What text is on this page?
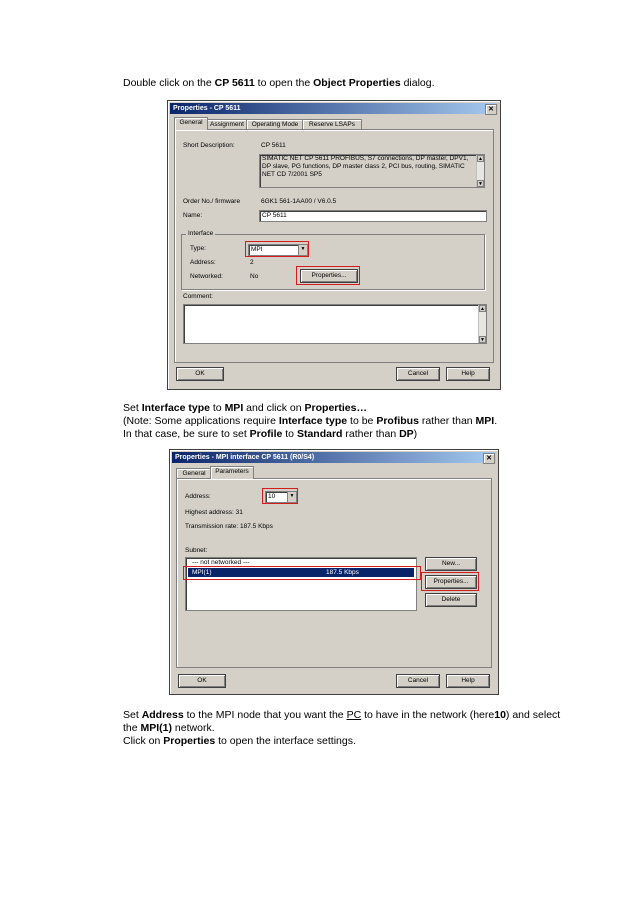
Double click on the CP 5611 to open the Object Properties dialog.
Properties - CP 5611	✕
General	Assignment	Operating Mode	Reserve LSAPs
Short Description:	CP 5611
SIMATIC NET CP 5611 PROFIBUS, S7 connections, DP master, DPV1, DP slave, PG functions, DP master class 2, PCI bus, routing, SIMATIC NET CD 7/2001 SP5
▲
▼
Order No./ firmware	6GK1 561-1AA00 / V6.0.5
Name:	CP 5611
Interface
Type:	MPI	▼
Address:	2
Networked:	No	Properties...
Comment:
▲
▼
OK	Cancel	Help
Set Interface type to MPI and click on Properties…
(Note: Some applications require Interface type to be Profibus rather than MPI.
In that case, be sure to set Profile to Standard rather than DP)
Properties - MPI interface CP 5611 (R0/S4)	✕
General	Parameters
Address:	10	▼
Highest address: 31
Transmission rate: 187.5 Kbps
Subnet:
--- not networked ---
MPI(1)	187.5 Kbps
New...
Properties...
Delete
OK	Cancel	Help
Set Address to the MPI node that you want the PC to have in the network (here10) and select
the MPI(1) network.
Click on Properties to open the interface settings.
